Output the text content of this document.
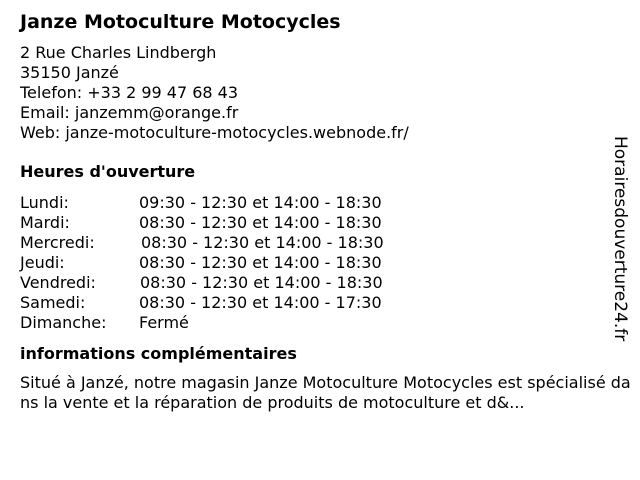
Janze Motoculture Motocycles
2 Rue Charles Lindbergh
35150 Janzé
Telefon: +33 2 99 47 68 43
Email: janzemm@orange.fr
Web: janze-motoculture-motocycles.webnode.fr/
Heures d'ouverture
Lundi:	09:30 - 12:30 et 14:00 - 18:30
Mardi:	08:30 - 12:30 et 14:00 - 18:30
Mercredi:	08:30 - 12:30 et 14:00 - 18:30
Jeudi:	08:30 - 12:30 et 14:00 - 18:30
Vendredi:	08:30 - 12:30 et 14:00 - 18:30
Samedi:	08:30 - 12:30 et 14:00 - 17:30
Dimanche: Fermé
informations complémentaires
Situé à Janzé, notre magasin Janze Motoculture Motocycles est spécialisé dans la vente et la réparation de produits de motoculture et d&...
Horairesdouverture24.fr
